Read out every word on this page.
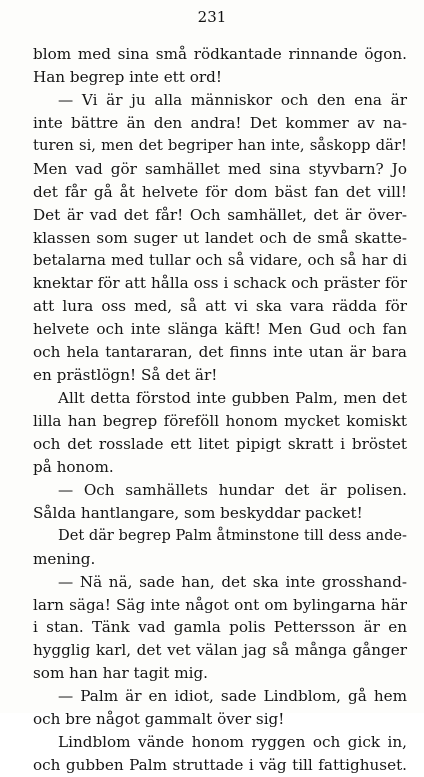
231
blom med sina små rödkantade rinnande ögon.
Han begrep inte ett ord!
— Vi är ju alla människor och den ena är
inte bättre än den andra! Det kommer av na-
turen si, men det begriper han inte, såskopp där!
Men vad gör samhället med sina styvbarn? Jo
det får gå åt helvete för dom bäst fan det vill!
Det är vad det får! Och samhället, det är över-
klassen som suger ut landet och de små skatte-
betalarna med tullar och så vidare, och så har di
knektar för att hålla oss i schack och präster för
att lura oss med, så att vi ska vara rädda för
helvete och inte slänga käft! Men Gud och fan
och hela tantararan, det finns inte utan är bara
en prästlögn! Så det är!
Allt detta förstod inte gubben Palm, men det
lilla han begrep föreföll honom mycket komiskt
och det rosslade ett litet pipigt skratt i bröstet
på honom.
— Och samhällets hundar det är polisen.
Sålda hantlangare, som beskyddar packet!
Det där begrep Palm åtminstone till dess ande-
mening.
— Nä nä, sade han, det ska inte grosshand-
larn säga! Säg inte något ont om bylingarna här
i stan. Tänk vad gamla polis Pettersson är en
hygglig karl, det vet välan jag så många gånger
som han har tagit mig.
— Palm är en idiot, sade Lindblom, gå hem
och bre något gammalt över sig!
Lindblom vände honom ryggen och gick in,
och gubben Palm struttade i väg till fattighuset.
